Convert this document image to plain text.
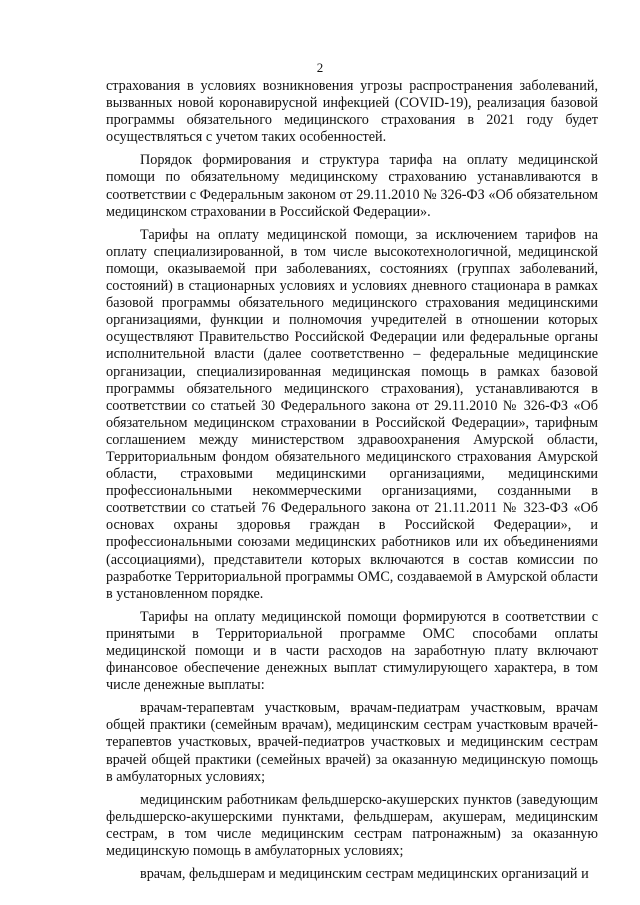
2

страхования в условиях возникновения угрозы распространения заболеваний, вызванных новой коронавирусной инфекцией (COVID-19), реализация базовой программы обязательного медицинского страхования в 2021 году будет осуществляться с учетом таких особенностей.

Порядок формирования и структура тарифа на оплату медицинской помощи по обязательному медицинскому страхованию устанавливаются в соответствии с Федеральным законом от 29.11.2010 № 326-ФЗ «Об обязательном медицинском страховании в Российской Федерации».

Тарифы на оплату медицинской помощи, за исключением тарифов на оплату специализированной, в том числе высокотехнологичной, медицинской помощи, оказываемой при заболеваниях, состояниях (группах заболеваний, состояний) в стационарных условиях и условиях дневного стационара в рамках базовой программы обязательного медицинского страхования медицинскими организациями, функции и полномочия учредителей в отношении которых осуществляют Правительство Российской Федерации или федеральные органы исполнительной власти (далее соответственно – федеральные медицинские организации, специализированная медицинская помощь в рамках базовой программы обязательного медицинского страхования), устанавливаются в соответствии со статьей 30 Федерального закона от 29.11.2010 № 326-ФЗ «Об обязательном медицинском страховании в Российской Федерации», тарифным соглашением между министерством здравоохранения Амурской области, Территориальным фондом обязательного медицинского страхования Амурской области, страховыми медицинскими организациями, медицинскими профессиональными некоммерческими организациями, созданными в соответствии со статьей 76 Федерального закона от 21.11.2011 № 323-ФЗ «Об основах охраны здоровья граждан в Российской Федерации», и профессиональными союзами медицинских работников или их объединениями (ассоциациями), представители которых включаются в состав комиссии по разработке Территориальной программы ОМС, создаваемой в Амурской области в установленном порядке.

Тарифы на оплату медицинской помощи формируются в соответствии с принятыми в Территориальной программе ОМС способами оплаты медицинской помощи и в части расходов на заработную плату включают финансовое обеспечение денежных выплат стимулирующего характера, в том числе денежные выплаты:

врачам-терапевтам участковым, врачам-педиатрам участковым, врачам общей практики (семейным врачам), медицинским сестрам участковым врачей-терапевтов участковых, врачей-педиатров участковых и медицинским сестрам врачей общей практики (семейных врачей) за оказанную медицинскую помощь в амбулаторных условиях;

медицинским работникам фельдшерско-акушерских пунктов (заведующим фельдшерско-акушерскими пунктами, фельдшерам, акушерам, медицинским сестрам, в том числе медицинским сестрам патронажным) за оказанную медицинскую помощь в амбулаторных условиях;

врачам, фельдшерам и медицинским сестрам медицинских организаций и
